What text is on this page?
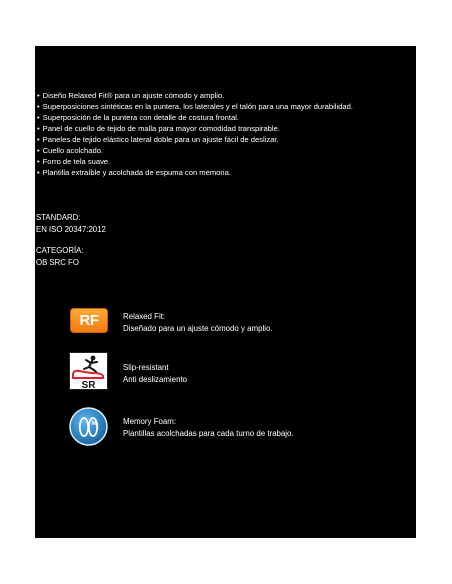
• Diseño Relaxed Fit® para un ajuste cómodo y amplio.
• Superposiciones sintéticas en la puntera, los laterales y el talón para una mayor durabilidad.
• Superposición de la puntera con detalle de costura frontal.
• Panel de cuello de tejido de malla para mayor comodidad transpirable.
• Paneles de tejido elástico lateral doble para un ajuste fácil de deslizar.
• Cuello acolchado.
• Forro de tela suave.
• Plantilla extraíble y acolchada de espuma con memoria.
STANDARD:
EN ISO 20347:2012
CATEGORÍA:
OB SRC FO
RF	Relaxed Fit:
Diseñado para un ajuste cómodo y amplio.
SR
Slip-resistant
Anti deslizamiento
M	Memory Foam:
Plantillas acolchadas para cada turno de trabajo.
